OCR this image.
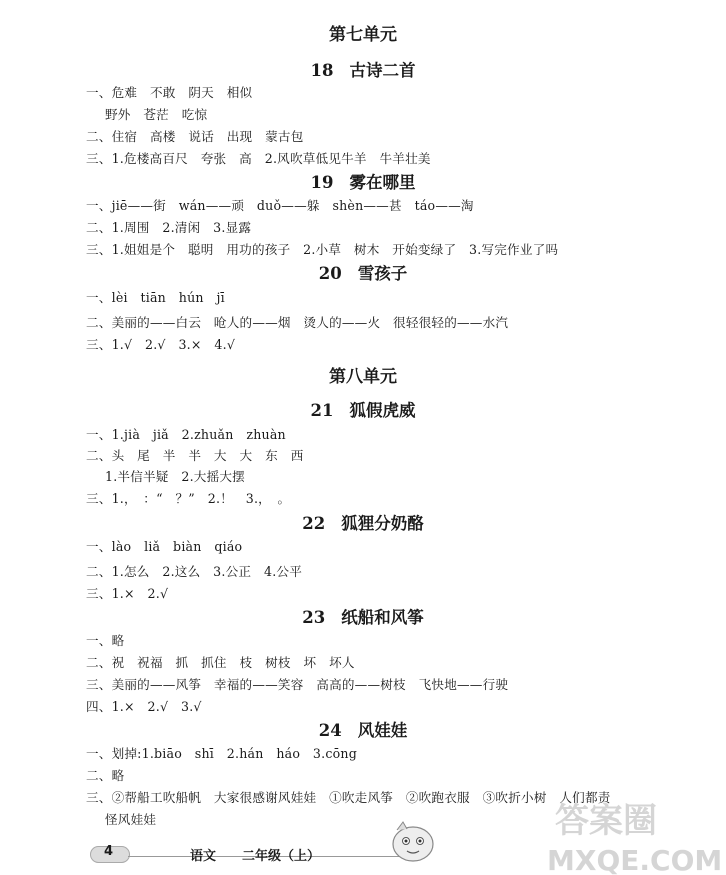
第七单元
18 古诗二首
一、危难　不敢　阴天　相似
野外　苍茫　吃惊
二、住宿　高楼　说话　出现　蒙古包
三、1.危楼高百尺　夸张　高　2.风吹草低见牛羊　牛羊壮美
19 雾在哪里
一、jiē——街　wán——顽　duǒ——躲　shèn——甚　táo——淘
二、1.周围　2.清闲　3.显露
三、1.姐姐是个　聪明　用功的孩子　2.小草　树木　开始变绿了　3.写完作业了吗
20 雪孩子
一、lèi　tiān　hún　jī
二、美丽的——白云　呛人的——烟　烫人的——火　很轻很轻的——水汽
三、1.√　2.√　3.×　4.√
第八单元
21 狐假虎威
一、1.jià　jiǎ　2.zhuǎn　zhuàn
二、头　尾　半　半　大　大　东　西
1.半信半疑　2.大摇大摆
三、1.，　：“　？”　2.！　3.，　。
22 狐狸分奶酪
一、lào　liǎ　biàn　qiáo
二、1.怎么　2.这么　3.公正　4.公平
三、1.×　2.√
23 纸船和风筝
一、略
二、祝　祝福　抓　抓住　枝　树枝　坏　坏人
三、美丽的——风筝　幸福的——笑容　高高的——树枝　飞快地——行驶
四、1.×　2.√　3.√
24 风娃娃
一、划掉:1.biāo　shī　2.hán　háo　3.cōng
二、略
三、②帮船工吹船帆　大家很感谢风娃娃　①吹走风筝　②吹跑衣服　③吹折小树　人们都责
怪风娃娃
4	语文　　 二年级（上）
答案圈
MXQE.COM
